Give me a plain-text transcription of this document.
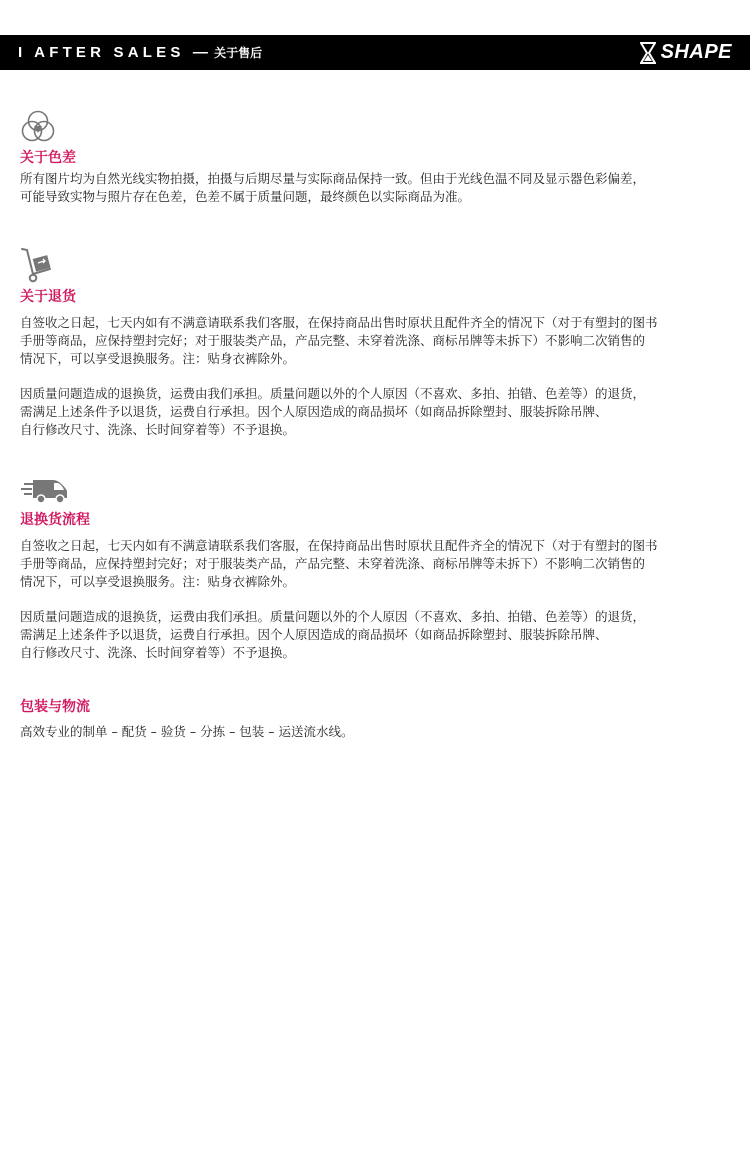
I AFTER SALES — 关于售后	SHAPE
关于色差

所有图片均为自然光线实物拍摄，拍摄与后期尽量与实际商品保持一致。但由于光线色温不同及显示器色彩偏差，
可能导致实物与照片存在色差，色差不属于质量问题，最终颜色以实际商品为准。

关于退货

自签收之日起，七天内如有不满意请联系我们客服，在保持商品出售时原状且配件齐全的情况下（对于有塑封的图书
手册等商品，应保持塑封完好；对于服装类产品，产品完整、未穿着洗涤、商标吊牌等未拆下）不影响二次销售的
情况下，可以享受退换服务。注：贴身衣裤除外。

因质量问题造成的退换货，运费由我们承担。质量问题以外的个人原因（不喜欢、多拍、拍错、色差等）的退货，
需满足上述条件予以退货，运费自行承担。因个人原因造成的商品损坏（如商品拆除塑封、服装拆除吊牌、
自行修改尺寸、洗涤、长时间穿着等）不予退换。

退换货流程

自签收之日起，七天内如有不满意请联系我们客服，在保持商品出售时原状且配件齐全的情况下（对于有塑封的图书
手册等商品，应保持塑封完好；对于服装类产品，产品完整、未穿着洗涤、商标吊牌等未拆下）不影响二次销售的
情况下，可以享受退换服务。注：贴身衣裤除外。

因质量问题造成的退换货，运费由我们承担。质量问题以外的个人原因（不喜欢、多拍、拍错、色差等）的退货，
需满足上述条件予以退货，运费自行承担。因个人原因造成的商品损坏（如商品拆除塑封、服装拆除吊牌、
自行修改尺寸、洗涤、长时间穿着等）不予退换。

包装与物流

高效专业的制单 – 配货 – 验货 – 分拣 – 包装 – 运送流水线。
